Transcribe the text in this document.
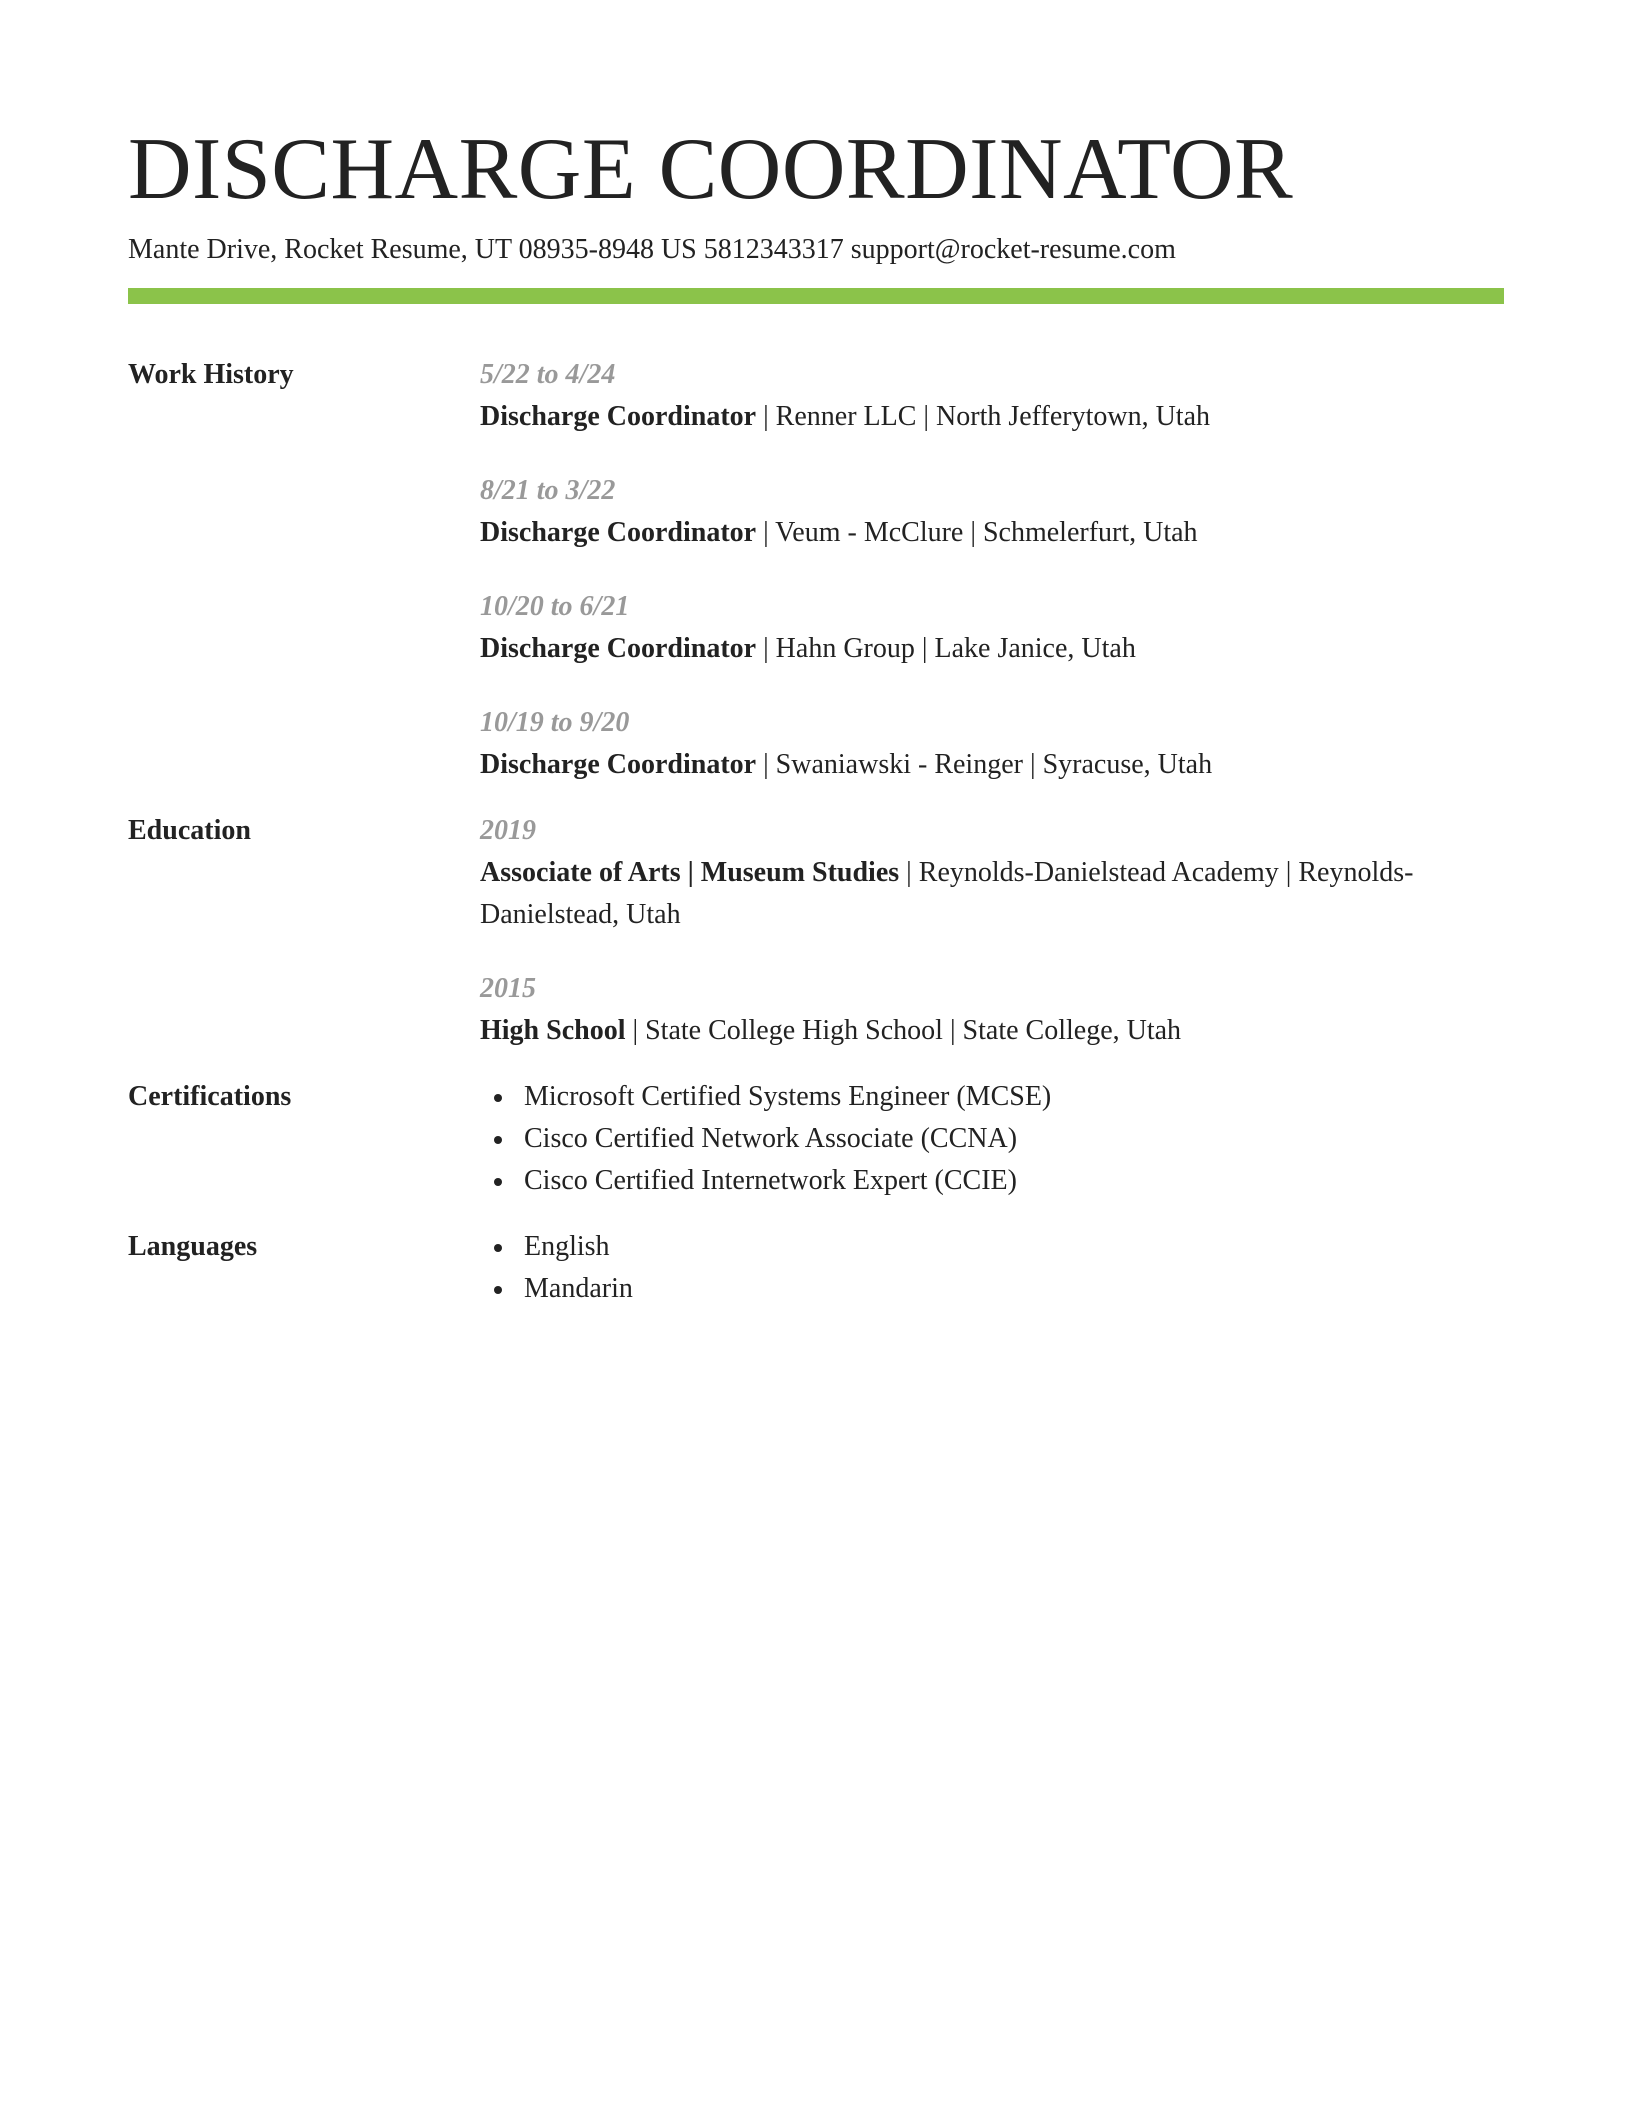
DISCHARGE COORDINATOR
Mante Drive, Rocket Resume, UT 08935-8948 US 5812343317 support@rocket-resume.com
Work History	5/22 to 4/24
Discharge Coordinator | Renner LLC | North Jefferytown, Utah
8/21 to 3/22
Discharge Coordinator | Veum - McClure | Schmelerfurt, Utah
10/20 to 6/21
Discharge Coordinator | Hahn Group | Lake Janice, Utah
10/19 to 9/20
Discharge Coordinator | Swaniawski - Reinger | Syracuse, Utah
Education	2019
Associate of Arts | Museum Studies | Reynolds-Danielstead Academy | Reynolds-Danielstead, Utah
2015
High School | State College High School | State College, Utah
Certifications	Microsoft Certified Systems Engineer (MCSE)
Cisco Certified Network Associate (CCNA)
Cisco Certified Internetwork Expert (CCIE)
Languages	English
Mandarin
